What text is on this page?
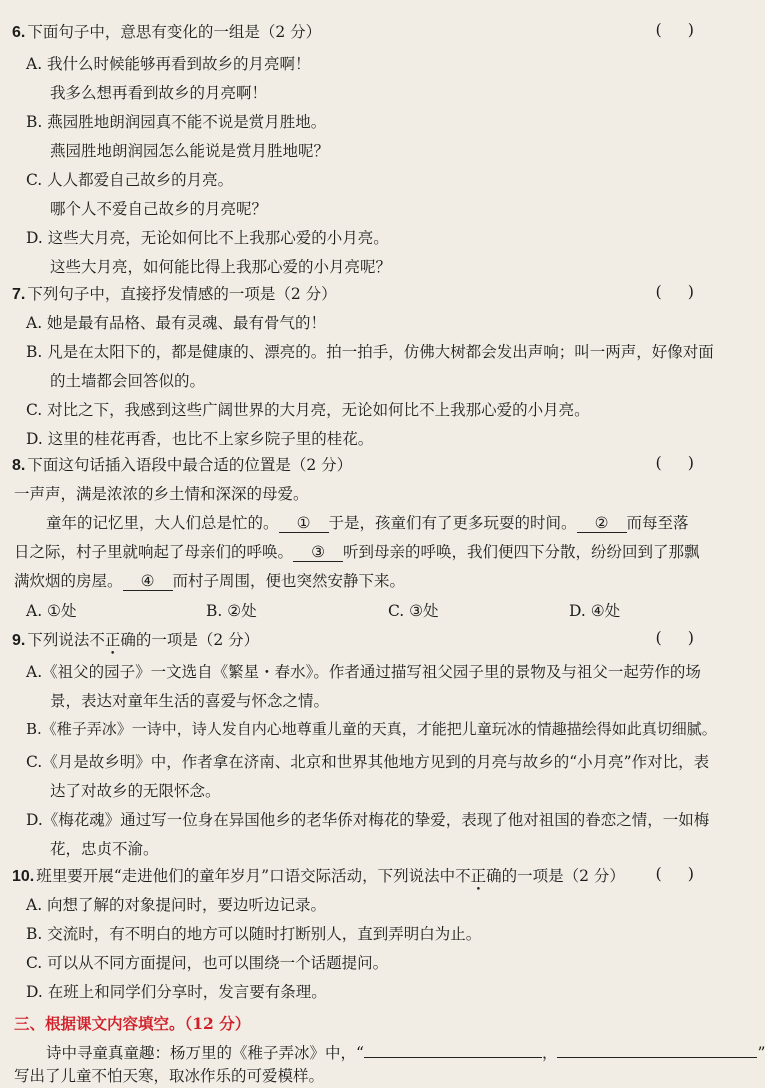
6. 下面句子中，意思有变化的一组是（2 分）	()
A. 我什么时候能够再看到故乡的月亮啊！
我多么想再看到故乡的月亮啊！
B. 燕园胜地朗润园真不能不说是赏月胜地。
燕园胜地朗润园怎么能说是赏月胜地呢？
C. 人人都爱自己故乡的月亮。
哪个人不爱自己故乡的月亮呢？
D. 这些大月亮，无论如何比不上我那心爱的小月亮。
这些大月亮，如何能比得上我那心爱的小月亮呢？
7. 下列句子中，直接抒发情感的一项是（2 分）	()
A. 她是最有品格、最有灵魂、最有骨气的！
B. 凡是在太阳下的，都是健康的、漂亮的。拍一拍手，仿佛大树都会发出声响；叫一两声，好像对面
的土墙都会回答似的。
C. 对比之下，我感到这些广阔世界的大月亮，无论如何比不上我那心爱的小月亮。
D. 这里的桂花再香，也比不上家乡院子里的桂花。
8. 下面这句话插入语段中最合适的位置是（2 分）	()
一声声，满是浓浓的乡土情和深深的母爱。
童年的记忆里，大人们总是忙的。 ① 于是，孩童们有了更多玩耍的时间。 ② 而每至落
日之际，村子里就响起了母亲们的呼唤。 ③ 听到母亲的呼唤，我们便四下分散，纷纷回到了那飘
满炊烟的房屋。 ④ 而村子周围，便也突然安静下来。
A. ①处	B. ②处	C. ③处	D. ④处
9. 下列说法不正确的一项是（2 分）	()
A.《祖父的园子》一文选自《繁星・春水》。作者通过描写祖父园子里的景物及与祖父一起劳作的场
景，表达对童年生活的喜爱与怀念之情。
B.《稚子弄冰》一诗中，诗人发自内心地尊重儿童的天真，才能把儿童玩冰的情趣描绘得如此真切细腻。
C.《月是故乡明》中，作者拿在济南、北京和世界其他地方见到的月亮与故乡的“小月亮”作对比，表
达了对故乡的无限怀念。
D.《梅花魂》通过写一位身在异国他乡的老华侨对梅花的挚爱，表现了他对祖国的眷恋之情，一如梅
花，忠贞不渝。
10. 班里要开展“走进他们的童年岁月”口语交际活动，下列说法中不正确的一项是（2 分） ()
A. 向想了解的对象提问时，要边听边记录。
B. 交流时，有不明白的地方可以随时打断别人，直到弄明白为止。
C. 可以从不同方面提问，也可以围绕一个话题提问。
D. 在班上和同学们分享时，发言要有条理。
三、根据课文内容填空。（12 分）
诗中寻童真童趣：杨万里的《稚子弄冰》中，“	，	”
写出了儿童不怕天寒，取冰作乐的可爱模样。
